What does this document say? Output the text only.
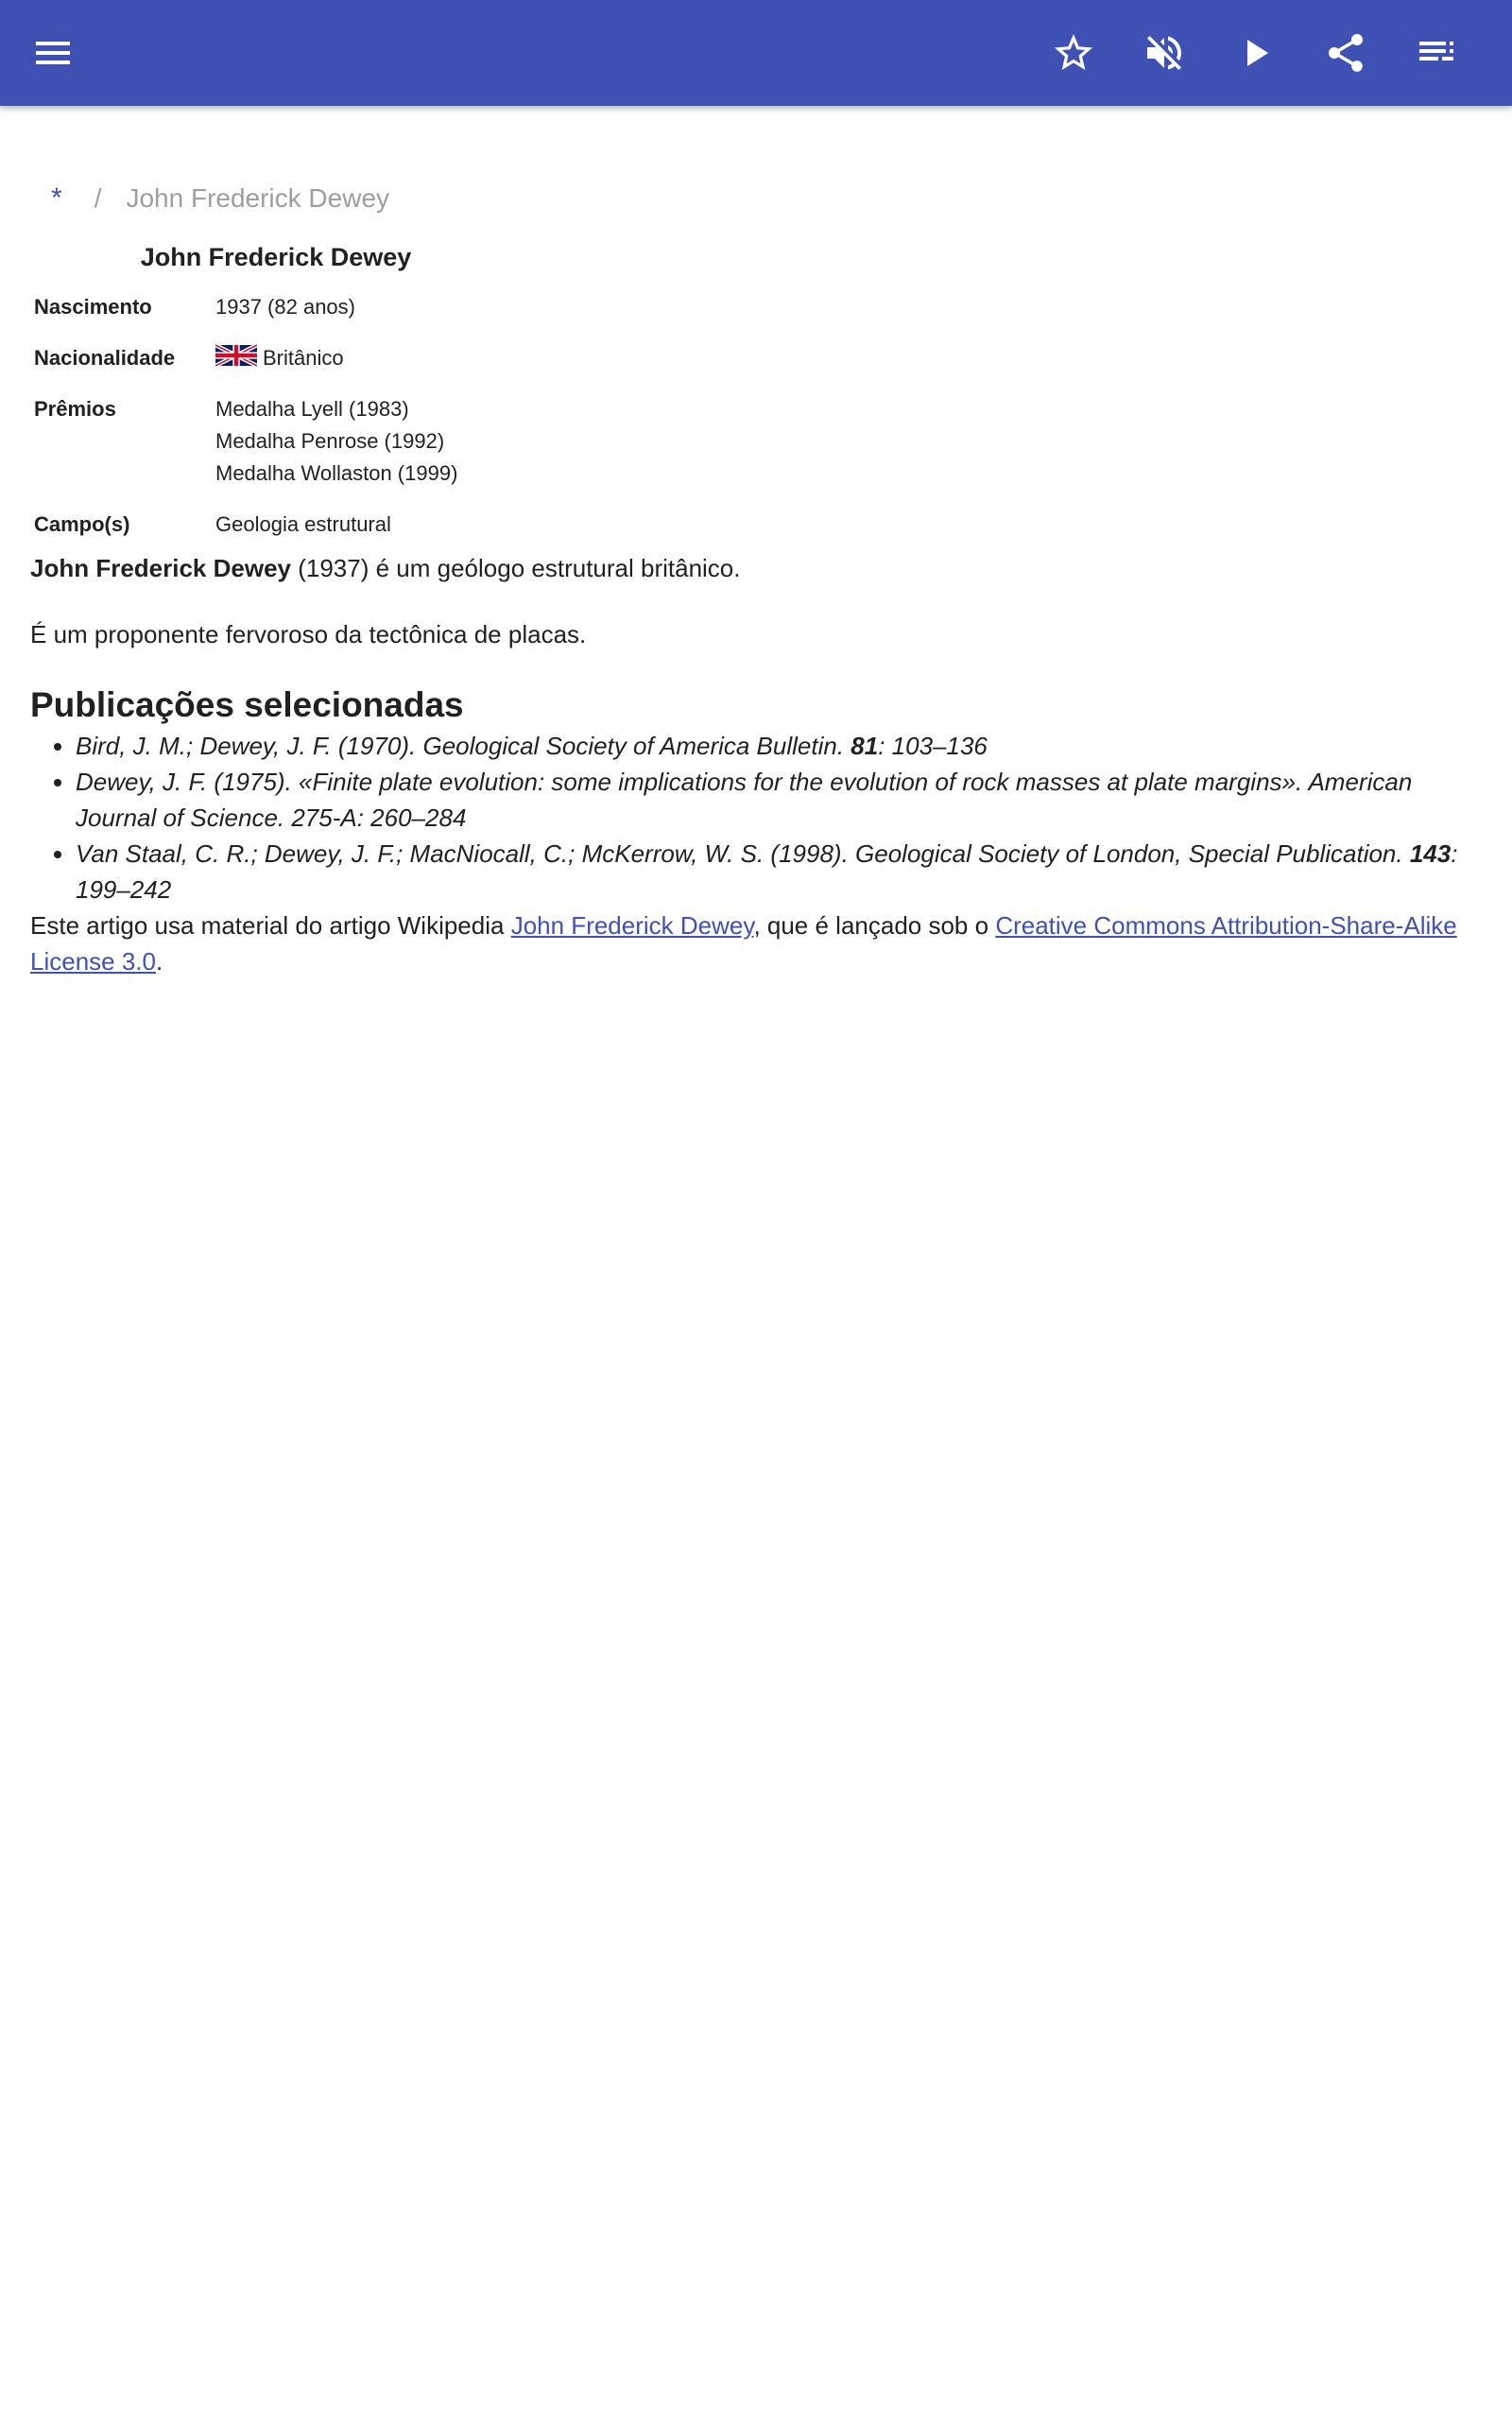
* / John Frederick Dewey
John Frederick Dewey
Nascimento	1937 (82 anos)
Nacionalidade	Britânico
Prêmios	Medalha Lyell (1983)
Medalha Penrose (1992)
Medalha Wollaston (1999)
Campo(s)	Geologia estrutural

John Frederick Dewey (1937) é um geólogo estrutural britânico.

É um proponente fervoroso da tectônica de placas.

Publicações selecionadas
• Bird, J. M.; Dewey, J. F. (1970). Geological Society of America Bulletin. 81: 103–136
• Dewey, J. F. (1975). «Finite plate evolution: some implications for the evolution of rock masses at plate margins». American Journal of Science. 275-A: 260–284
• Van Staal, C. R.; Dewey, J. F.; MacNiocall, C.; McKerrow, W. S. (1998). Geological Society of London, Special Publication. 143: 199–242

Este artigo usa material do artigo Wikipedia John Frederick Dewey, que é lançado sob o Creative Commons Attribution-Share-Alike License 3.0.
